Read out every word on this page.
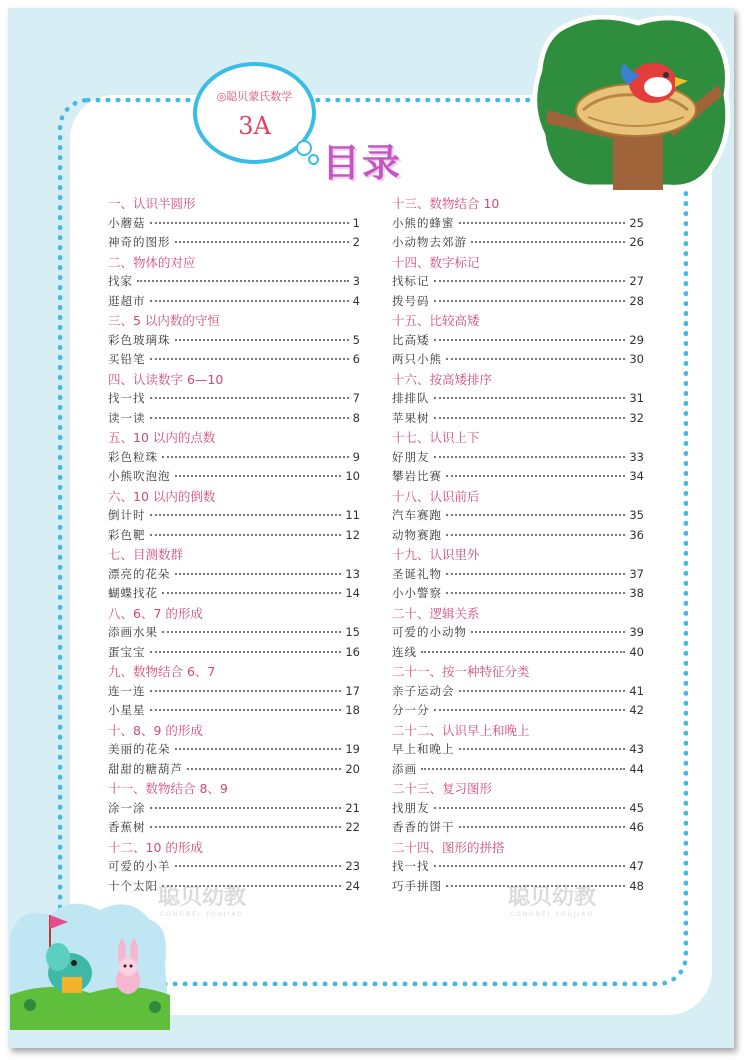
◎聪贝蒙氏数学
3A
目录
一、认识半圆形
小蘑菇	1
神奇的图形	2
二、物体的对应
找家	3
逛超市	4
三、5 以内数的守恒
彩色玻璃珠	5
买铅笔	6
四、认读数字 6—10
找一找	7
读一读	8
五、10 以内的点数
彩色粒珠	9
小熊吹泡泡	10
六、10 以内的倒数
倒计时	11
彩色靶	12
七、目测数群
漂亮的花朵	13
蝴蝶找花	14
八、6、7 的形成
添画水果	15
蛋宝宝	16
九、数物结合 6、7
连一连	17
小星星	18
十、8、9 的形成
美丽的花朵	19
甜甜的糖葫芦	20
十一、数物结合 8、9
涂一涂	21
香蕉树	22
十二、10 的形成
可爱的小羊	23
十个太阳	24
十三、数物结合 10
小熊的蜂蜜	25
小动物去郊游	26
十四、数字标记
找标记	27
拨号码	28
十五、比较高矮
比高矮	29
两只小熊	30
十六、按高矮排序
排排队	31
苹果树	32
十七、认识上下
好朋友	33
攀岩比赛	34
十八、认识前后
汽车赛跑	35
动物赛跑	36
十九、认识里外
圣诞礼物	37
小小警察	38
二十、逻辑关系
可爱的小动物	39
连线	40
二十一、按一种特征分类
亲子运动会	41
分一分	42
二十二、认识早上和晚上
早上和晚上	43
添画	44
二十三、复习图形
找朋友	45
香香的饼干	46
二十四、图形的拼搭
找一找	47
巧手拼图	48
聪贝幼教
CONGBEI YOUJIAO
聪贝幼教
CONGBEI YOUJIAO
